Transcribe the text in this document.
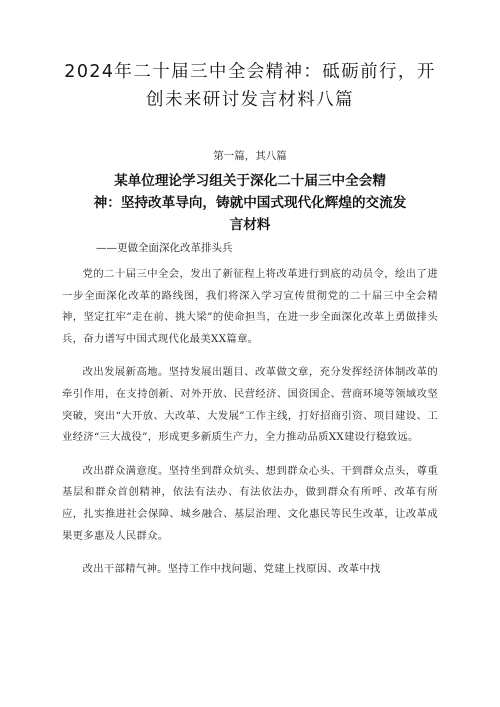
2024年二十届三中全会精神：砥砺前行，开
创未来研讨发言材料八篇
第一篇，其八篇
某单位理论学习组关于深化二十届三中全会精
神：坚持改革导向，铸就中国式现代化辉煌的交流发
言材料
——更做全面深化改革排头兵

党的二十届三中全会，发出了新征程上将改革进行到底的动员令，绘出了进一步全面深化改革的路线图，我们将深入学习宣传贯彻党的二十届三中全会精神，坚定扛牢”走在前、挑大梁”的使命担当，在进一步全面深化改革上勇做排头兵，奋力谱写中国式现代化最美XX篇章。

改出发展新高地。坚持发展出题目、改革做文章，充分发挥经济体制改革的牵引作用，在支持创新、对外开放、民营经济、国资国企、营商环境等领域攻坚突破，突出“大开放、大改革、大发展”工作主线，打好招商引资、项目建设、工业经济“三大战役”，形成更多新质生产力，全力推动品质XX建设行稳致远。

改出群众满意度。坚持坐到群众炕头、想到群众心头、干到群众点头，尊重基层和群众首创精神，依法有法办、有法依法办，做到群众有所呼、改革有所应，扎实推进社会保障、城乡融合、基层治理、文化惠民等民生改革，让改革成果更多惠及人民群众。

改出干部精气神。坚持工作中找问题、党建上找原因、改革中找
